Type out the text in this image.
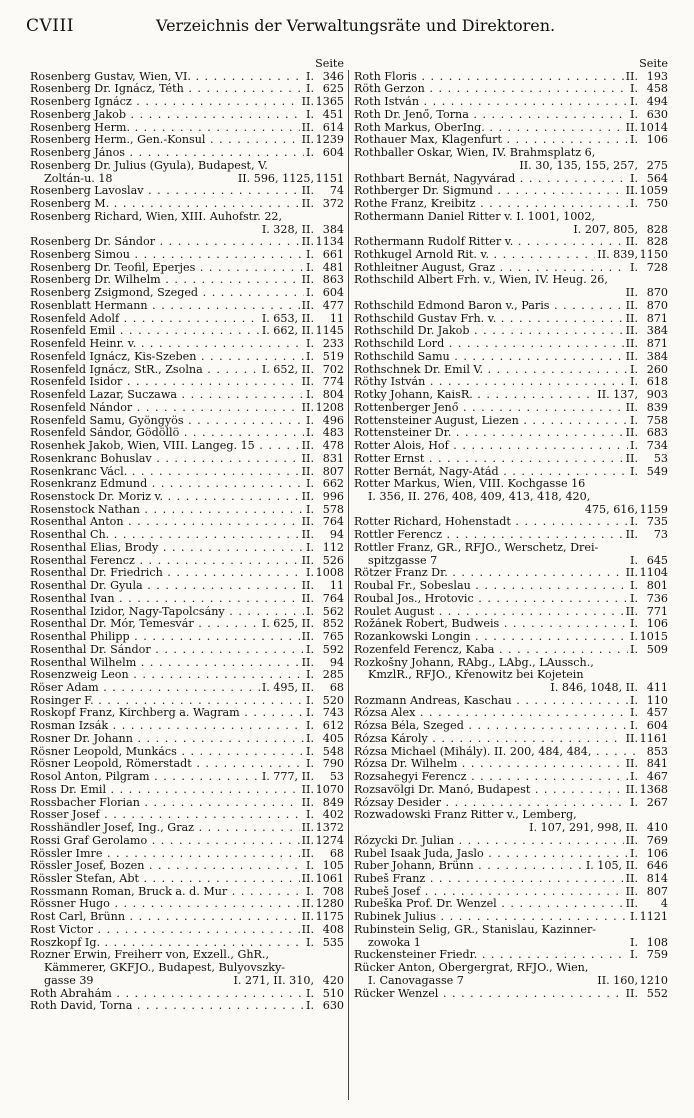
CVIII	Verzeichnis der Verwaltungsräte und Direktoren.
Seite
Rosenberg Gustav, Wien, VI. . . .	I. 346
Rosenberg Dr. Ignácz, Téth . . .	I. 625
Rosenberg Ignácz . . .	II. 1365
Rosenberg Jakob . . .	I. 451
Rosenberg Herm. . . .	II. 614
Rosenberg Herm., Gen.-Konsul . . .	II. 1239
Rosenberg János . . .	I. 604
Rosenberg Dr. Julius (Gyula), Budapest, V.
Zoltán-u. 18	II. 596, 1125, 1151
Rosenberg Lavoslav . . .	II.	74
Rosenberg M. . . .	II. 372
Rosenberg Richard, Wien, XIII. Auhofstr. 22,
I. 328, II. 384
Rosenberg Dr. Sándor . . .	II. 1134
Rosenberg Simou . . .	I. 661
Rosenberg Dr. Teofil, Eperjes . . .	I. 481
Rosenberg Dr. Wilhelm . . .	II. 863
Rosenberg Zsigmond, Szeged . . .	I. 604
Rosenblatt Hermann . . .	II. 477
Rosenfeld Adolf . . .	I. 653, II.	11
Rosenfeld Emil . . .	I. 662, II. 1145
Rosenfeld Heinr. v. . . .	I. 233
Rosenfeld Ignácz, Kis-Szeben . . .	I. 519
Rosenfeld Ignácz, StR., Zsolna . . .	I. 652, II. 702
Rosenfeld Isidor . . .	II. 774
Rosenfeld Lazar, Suczawa . . .	I. 804
Rosenfeld Nándor . . .	II. 1208
Rosenfeld Samu, Gyöngyös . . .	I. 496
Rosenfeld Sándor, Gödöllö . . .	I. 483
Rosenhek Jakob, Wien, VIII. Langeg. 15 . . .	II. 478
Rosenkranc Bohuslav . . .	II. 831
Rosenkranc Václ. . . .	II. 807
Rosenkranz Edmund . . .	I. 662
Rosenstock Dr. Moriz v. . . .	II. 996
Rosenstock Nathan . . .	I. 578
Rosenthal Anton . . .	II. 764
Rosenthal Ch. . . .	II.	94
Rosenthal Elias, Brody . . .	I. 112
Rosenthal Ferencz . . .	II. 526
Rosenthal Dr. Friedrich . . .	I. 1008
Rosenthal Dr. Gyula . . .	II.	11
Rosenthal Ivan . . .	II. 764
Rosenthal Izidor, Nagy-Tapolcsány . . .	I. 562
Rosenthal Dr. Mór, Temesvár . . .	I. 625, II. 852
Rosenthal Philipp . . .	II. 765
Rosenthal Dr. Sándor . . .	I. 592
Rosenthal Wilhelm . . .	II.	94
Rosenzweig Leon . . .	I. 285
Röser Adam . . .	I. 495, II.	68
Rosinger F. . . .	I. 520
Roskopf Franz, Kirchberg a. Wagram . . .	I. 743
Rosman Izsák . . .	I. 612
Rosner Dr. Johann . . .	I. 405
Rösner Leopold, Munkács . . .	I. 548
Rösner Leopold, Römerstadt . . .	I. 790
Rosol Anton, Pilgram . . .	I. 777, II.	53
Ross Dr. Emil . . .	II. 1070
Rossbacher Florian . . .	II. 849
Rosser Josef . . .	I. 402
Rosshändler Josef, Ing., Graz . . .	II. 1372
Rossi Graf Gerolamo . . .	II. 1274
Rössler Imre . . .	II.	68
Rössler Josef, Bozen . . .	I. 105
Rössler Stefan, Abt . . .	II. 1061
Rossmann Roman, Bruck a. d. Mur . . .	I. 708
Rössner Hugo . . .	II. 1280
Rost Carl, Brünn . . .	II. 1175
Rost Victor . . .	II. 408
Roszkopf Ig. . . .	I. 535
Rozner Erwin, Freiherr von, Exzell., GhR.,
Kämmerer, GKFJO., Budapest, Bulyovszky-
gasse 39	I. 271, II. 310, 420
Roth Abrahám . . .	I. 510
Roth David, Torna . . .	I. 630
Seite
Roth Floris . . .	II. 193
Röth Gerzon . . .	I. 458
Roth István . . .	I. 494
Roth Dr. Jenő, Torna . . .	I. 630
Roth Markus, OberIng. . . .	II. 1014
Rothauer Max, Klagenfurt . . .	I. 106
Rothballer Oskar, Wien, IV. Brahmsplatz 6,
II. 30, 135, 155, 257, 275
Rothbart Bernát, Nagyvárad . . .	I. 564
Rothberger Dr. Sigmund . . .	II. 1059
Rothe Franz, Kreibitz . . .	I. 750
Rothermann Daniel Ritter v. I. 1001, 1002,
I. 207, 805, 828
Rothermann Rudolf Ritter v. . . .	II. 828
Rothkugel Arnold Rit. v. . . .	II. 839, 1150
Rothleitner August, Graz . . .	I. 728
Rothschild Albert Frh. v., Wien, IV. Heug. 26,
II. 870
Rothschild Edmond Baron v., Paris . . .	II. 870
Rothschild Gustav Frh. v. . . .	II. 871
Rothschild Dr. Jakob . . .	II. 384
Rothschild Lord . . .	II. 871
Rothschild Samu . . .	II. 384
Rothschnek Dr. Emil V. . . .	I. 260
Röthy István . . .	I. 618
Rotky Johann, KaisR. . . .	II. 137, 903
Rottenberger Jenő . . .	II. 839
Rottensteiner August, Liezen . . .	I. 758
Rottensteiner Dr. . . .	II. 683
Rotter Alois, Hof . . .	I. 734
Rotter Ernst . . .	II.	53
Rotter Bernát, Nagy-Atád . . .	I. 549
Rotter Markus, Wien, VIII. Kochgasse 16
I. 356, II. 276, 408, 409, 413, 418, 420,
475, 616, 1159
Rotter Richard, Hohenstadt . . .	I. 735
Rottler Ferencz . . .	II.	73
Rottler Franz, GR., RFJO., Werschetz, Drei-
spitzgasse 7	I. 645
Rötzer Franz Dr. . . .	II. 1104
Roubal Fr., Sobeslau . . .	I. 801
Roubal Jos., Hrotovic . . .	I. 736
Roulet August . . .	II. 771
Rožánek Robert, Budweis . . .	I. 106
Rozankowski Longin . . .	I. 1015
Rozenfeld Ferencz, Kaba . . .	I. 509
Rozkošny Johann, RAbg., LAbg., LAussch.,
KmzlR., RFJO., Křenowitz bei Kojetein
I. 846, 1048, II. 411
Rozmann Andreas, Kaschau . . .	I. 110
Rózsa Alex . . .	I. 457
Rózsa Béla, Szeged . . .	I. 604
Rózsa Károly . . .	II. 1161
Rózsa Michael (Mihály). II. 200, 484, 484, . . .	853
Rózsa Dr. Wilhelm . . .	II. 841
Rozsahegyi Ferencz . . .	I. 467
Rozsavölgi Dr. Manó, Budapest . . .	II. 1368
Rózsay Desider . . .	I. 267
Rozwadowski Franz Ritter v., Lemberg,
I. 107, 291, 998, II. 410
Rózycki Dr. Julian . . .	II. 769
Rubel Isaak Juda, Jaslo . . .	I. 106
Ruber Johann, Brünn . . .	I. 105, II. 646
Rubeš Franz . . .	II. 814
Rubeš Josef . . .	II. 807
Rubeška Prof. Dr. Wenzel . . .	II.	4
Rubinek Julius . . .	I. 1121
Rubinstein Selig, GR., Stanislau, Kazinner-
zowoka 1	I. 108
Ruckensteiner Friedr. . . .	I. 759
Rücker Anton, Obergergrat, RFJO., Wien,
I. Canovagasse 7	II. 160, 1210
Rücker Wenzel . . .	II. 552
